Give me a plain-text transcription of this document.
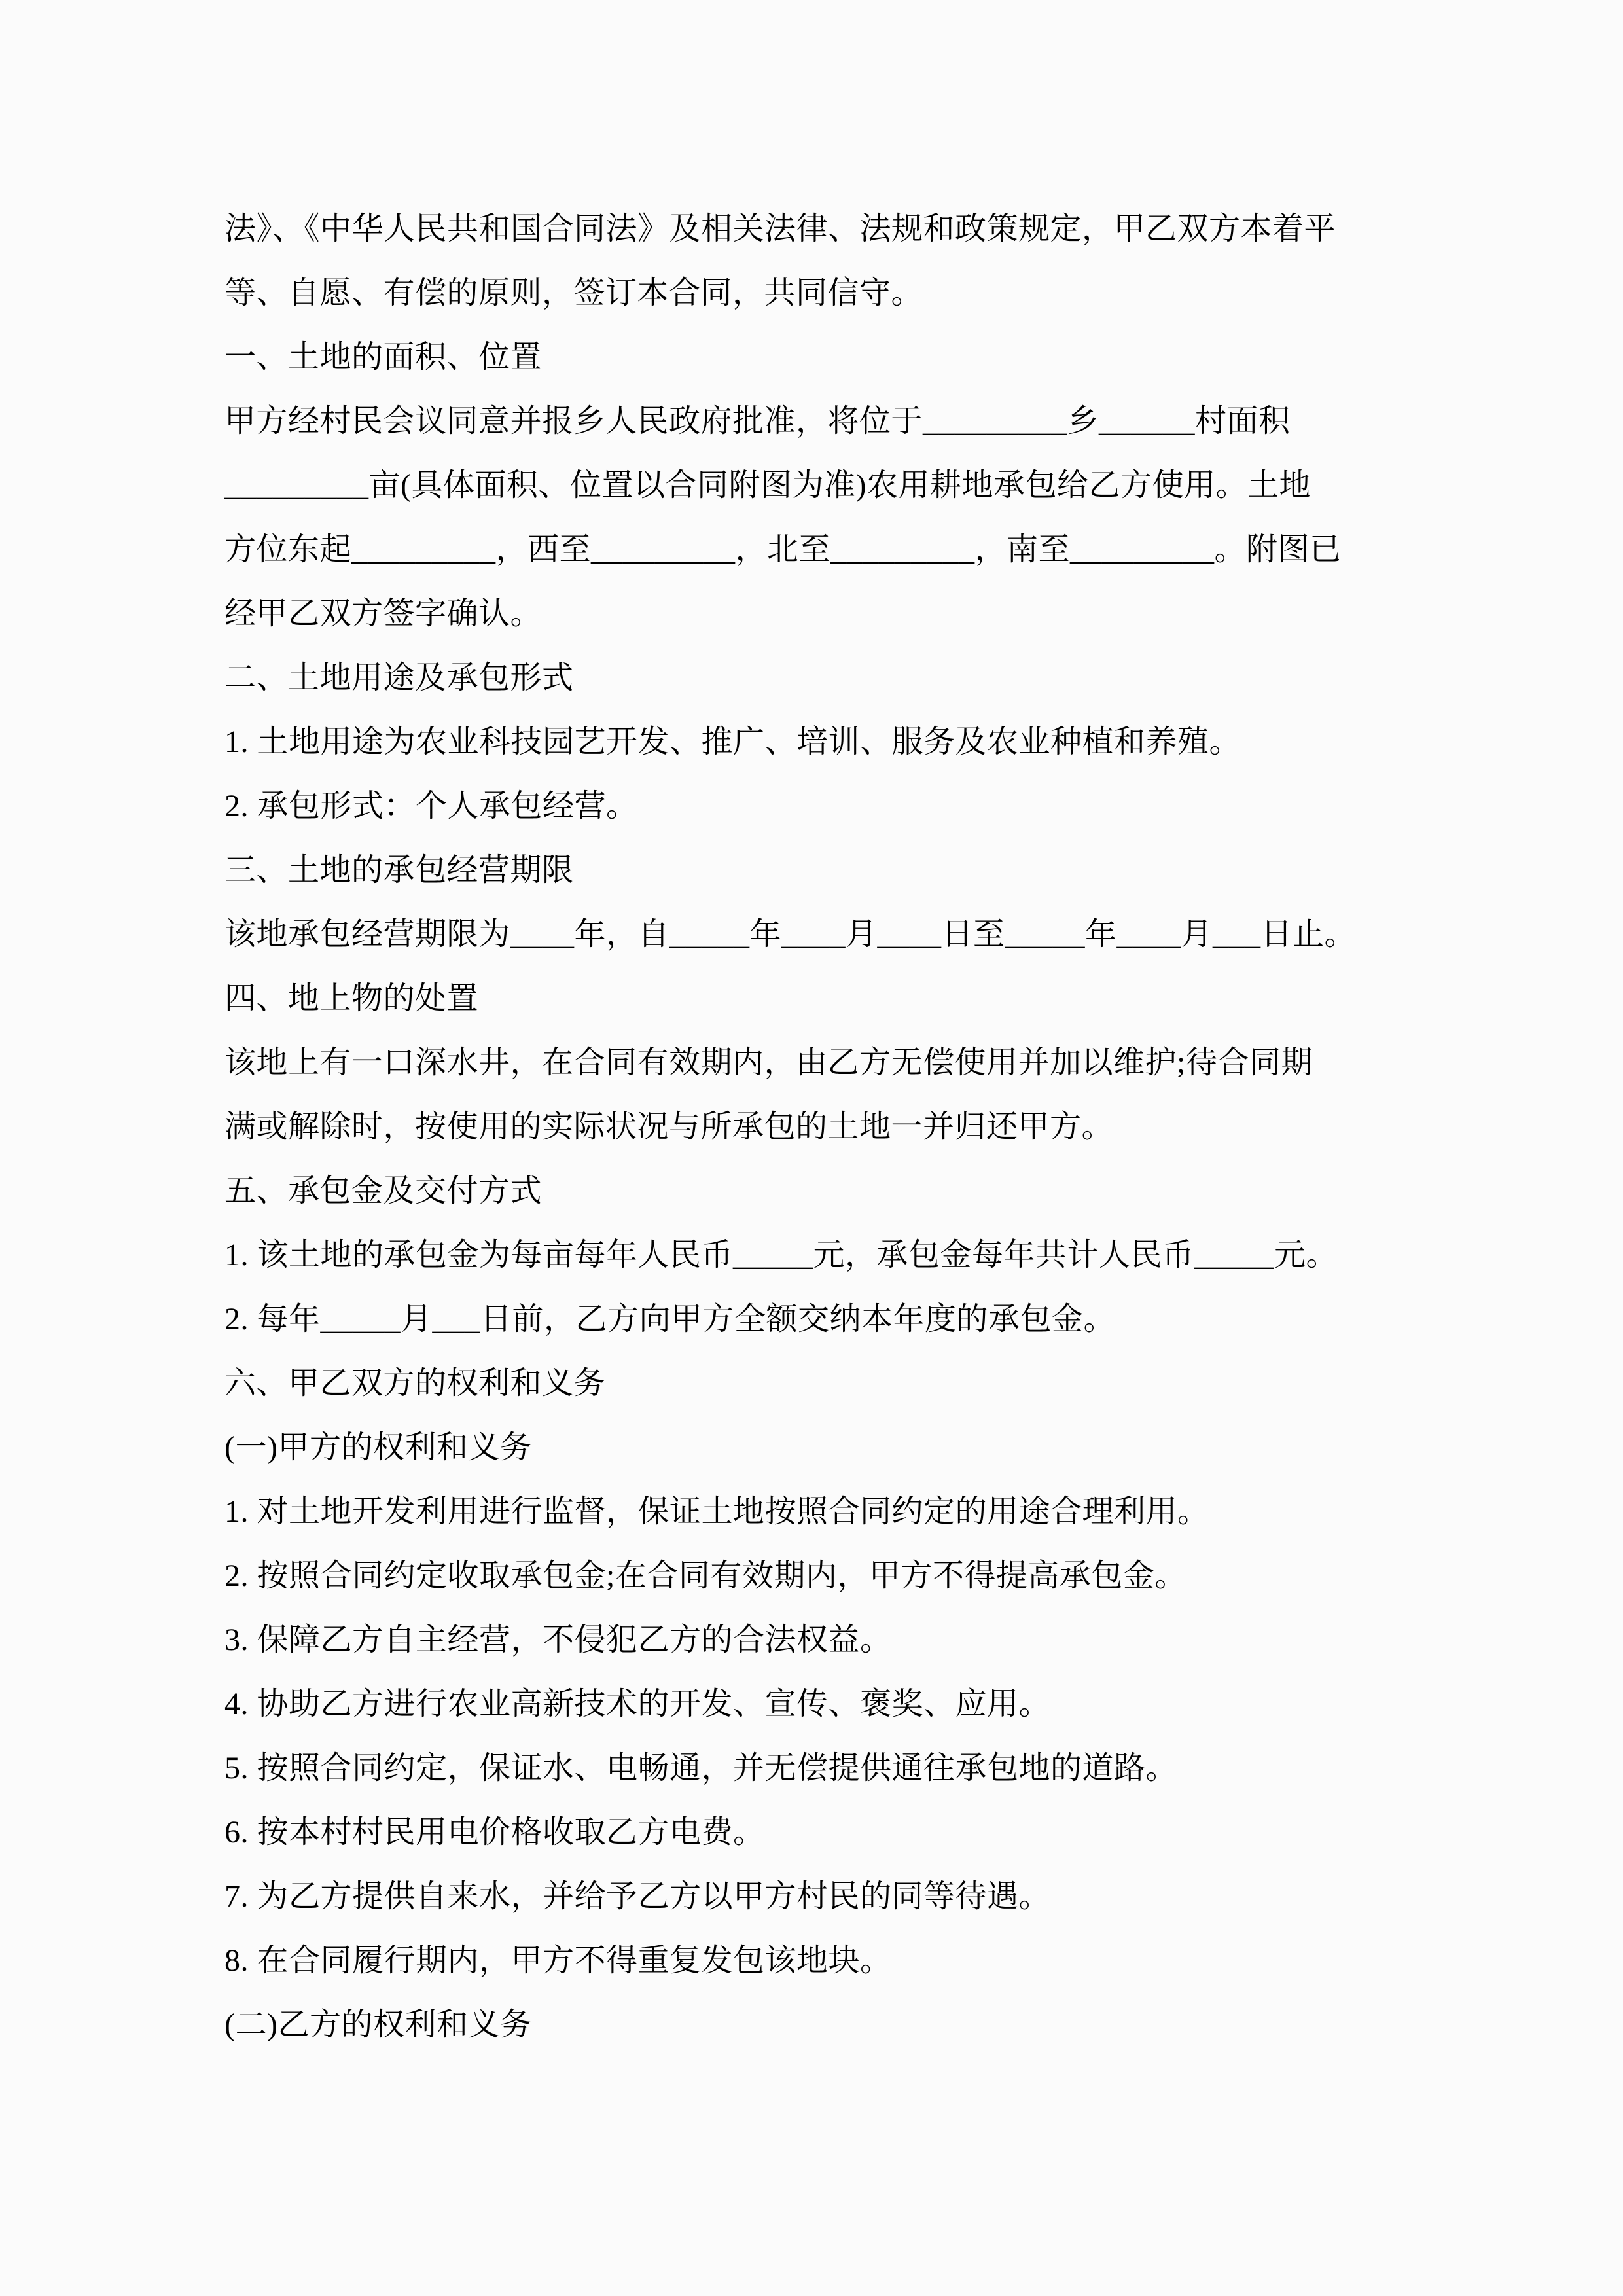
法》、《中华人民共和国合同法》及相关法律、法规和政策规定，甲乙双方本着平
等、自愿、有偿的原则，签订本合同，共同信守。
一、土地的面积、位置
甲方经村民会议同意并报乡人民政府批准，将位于_________乡______村面积
_________亩(具体面积、位置以合同附图为准)农用耕地承包给乙方使用。土地
方位东起_________，西至_________，北至_________，南至_________。附图已
经甲乙双方签字确认。
二、土地用途及承包形式
1. 土地用途为农业科技园艺开发、推广、培训、服务及农业种植和养殖。
2. 承包形式：个人承包经营。
三、土地的承包经营期限
该地承包经营期限为____年，自_____年____月____日至_____年____月___日止。
四、地上物的处置
该地上有一口深水井，在合同有效期内，由乙方无偿使用并加以维护;待合同期
满或解除时，按使用的实际状况与所承包的土地一并归还甲方。
五、承包金及交付方式
1. 该土地的承包金为每亩每年人民币_____元，承包金每年共计人民币_____元。
2. 每年_____月___日前，乙方向甲方全额交纳本年度的承包金。
六、甲乙双方的权利和义务
(一)甲方的权利和义务
1. 对土地开发利用进行监督，保证土地按照合同约定的用途合理利用。
2. 按照合同约定收取承包金;在合同有效期内，甲方不得提高承包金。
3. 保障乙方自主经营，不侵犯乙方的合法权益。
4. 协助乙方进行农业高新技术的开发、宣传、褒奖、应用。
5. 按照合同约定，保证水、电畅通，并无偿提供通往承包地的道路。
6. 按本村村民用电价格收取乙方电费。
7. 为乙方提供自来水，并给予乙方以甲方村民的同等待遇。
8. 在合同履行期内，甲方不得重复发包该地块。
(二)乙方的权利和义务
